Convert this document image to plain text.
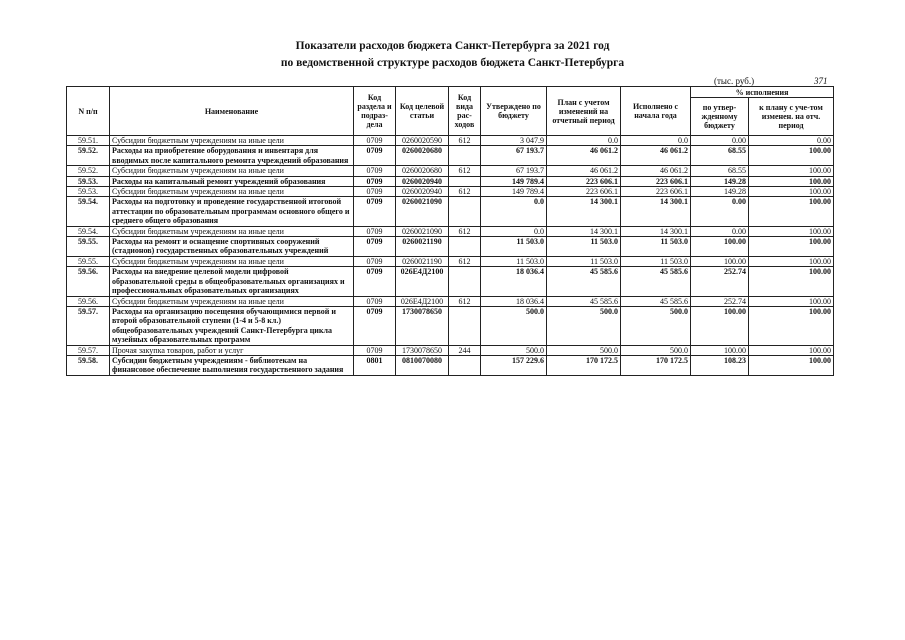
Показатели расходов бюджета Санкт-Петербурга за 2021 год
по ведомственной структуре расходов бюджета Санкт-Петербурга
(тыс. руб.)	371
N п/п	Наименование	Код раздела и подраз-дела	Код целевой статьи	Код вида рас-ходов	Утверждено по бюджету	План с учетом изменений на отчетный период	Исполнено с начала года	% исполнения	
								по утвер-жденному бюджету	к плану с уче-том изменен. на отч. период
59.51.	Субсидии бюджетным учреждениям на иные цели	0709	0260020590	612	3 047.9	0.0	0.0	0.00	0.00
59.52.	Расходы на приобретение оборудования и инвентаря для вводимых после капитального ремонта учреждений образования	0709	0260020680		67 193.7	46 061.2	46 061.2	68.55	100.00
59.52.	Субсидии бюджетным учреждениям на иные цели	0709	0260020680	612	67 193.7	46 061.2	46 061.2	68.55	100.00
59.53.	Расходы на капитальный ремонт учреждений образования	0709	0260020940		149 789.4	223 606.1	223 606.1	149.28	100.00
59.53.	Субсидии бюджетным учреждениям на иные цели	0709	0260020940	612	149 789.4	223 606.1	223 606.1	149.28	100.00
59.54.	Расходы на подготовку и проведение государственной итоговой аттестации по образовательным программам основного общего и среднего общего образования	0709	0260021090		0.0	14 300.1	14 300.1	0.00	100.00
59.54.	Субсидии бюджетным учреждениям на иные цели	0709	0260021090	612	0.0	14 300.1	14 300.1	0.00	100.00
59.55.	Расходы на ремонт и оснащение спортивных сооружений (стадионов) государственных образовательных учреждений	0709	0260021190		11 503.0	11 503.0	11 503.0	100.00	100.00
59.55.	Субсидии бюджетным учреждениям на иные цели	0709	0260021190	612	11 503.0	11 503.0	11 503.0	100.00	100.00
59.56.	Расходы на внедрение целевой модели цифровой образовательной среды в общеобразовательных организациях и профессиональных образовательных организациях	0709	026Е4Д2100		18 036.4	45 585.6	45 585.6	252.74	100.00
59.56.	Субсидии бюджетным учреждениям на иные цели	0709	026Е4Д2100	612	18 036.4	45 585.6	45 585.6	252.74	100.00
59.57.	Расходы на организацию посещения обучающимися первой и второй образовательной ступени (1-4 и 5-8 кл.) общеобразовательных учреждений Санкт-Петербурга цикла музейных образовательных программ	0709	1730078650		500.0	500.0	500.0	100.00	100.00
59.57.	Прочая закупка товаров, работ и услуг	0709	1730078650	244	500.0	500.0	500.0	100.00	100.00
59.58.	Субсидии бюджетным учреждениям - библиотекам на финансовое обеспечение выполнения государственного задания	0801	0810070080		157 229.6	170 172.5	170 172.5	108.23	100.00
